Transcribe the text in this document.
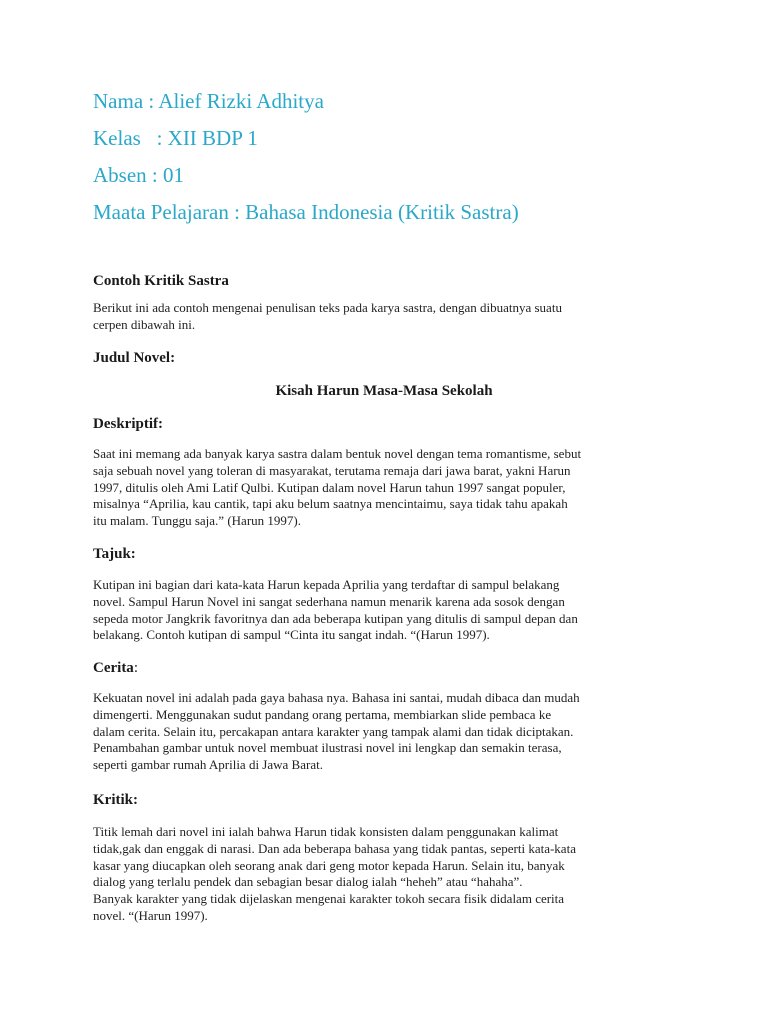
Nama : Alief Rizki Adhitya
Kelas   : XII BDP 1
Absen : 01
Maata Pelajaran : Bahasa Indonesia (Kritik Sastra)
Contoh Kritik Sastra
Berikut ini ada contoh mengenai penulisan teks pada karya sastra, dengan dibuatnya suatu
cerpen dibawah ini.
Judul Novel:
Kisah Harun Masa-Masa Sekolah
Deskriptif:
Saat ini memang ada banyak karya sastra dalam bentuk novel dengan tema romantisme, sebut
saja sebuah novel yang toleran di masyarakat, terutama remaja dari jawa barat, yakni Harun
1997, ditulis oleh Ami Latif Qulbi. Kutipan dalam novel Harun tahun 1997 sangat populer,
misalnya “Aprilia, kau cantik, tapi aku belum saatnya mencintaimu, saya tidak tahu apakah
itu malam. Tunggu saja.” (Harun 1997).
Tajuk:
Kutipan ini bagian dari kata-kata Harun kepada Aprilia yang terdaftar di sampul belakang
novel. Sampul Harun Novel ini sangat sederhana namun menarik karena ada sosok dengan
sepeda motor Jangkrik favoritnya dan ada beberapa kutipan yang ditulis di sampul depan dan
belakang. Contoh kutipan di sampul “Cinta itu sangat indah. “(Harun 1997).
Cerita:
Kekuatan novel ini adalah pada gaya bahasa nya. Bahasa ini santai, mudah dibaca dan mudah
dimengerti. Menggunakan sudut pandang orang pertama, membiarkan slide pembaca ke
dalam cerita. Selain itu, percakapan antara karakter yang tampak alami dan tidak diciptakan.
Penambahan gambar untuk novel membuat ilustrasi novel ini lengkap dan semakin terasa,
seperti gambar rumah Aprilia di Jawa Barat.
Kritik:
Titik lemah dari novel ini ialah bahwa Harun tidak konsisten dalam penggunakan kalimat
tidak,gak dan enggak di narasi. Dan ada beberapa bahasa yang tidak pantas, seperti kata-kata
kasar yang diucapkan oleh seorang anak dari geng motor kepada Harun. Selain itu, banyak
dialog yang terlalu pendek dan sebagian besar dialog ialah “heheh” atau “hahaha”.
Banyak karakter yang tidak dijelaskan mengenai karakter tokoh secara fisik didalam cerita
novel. “(Harun 1997).
